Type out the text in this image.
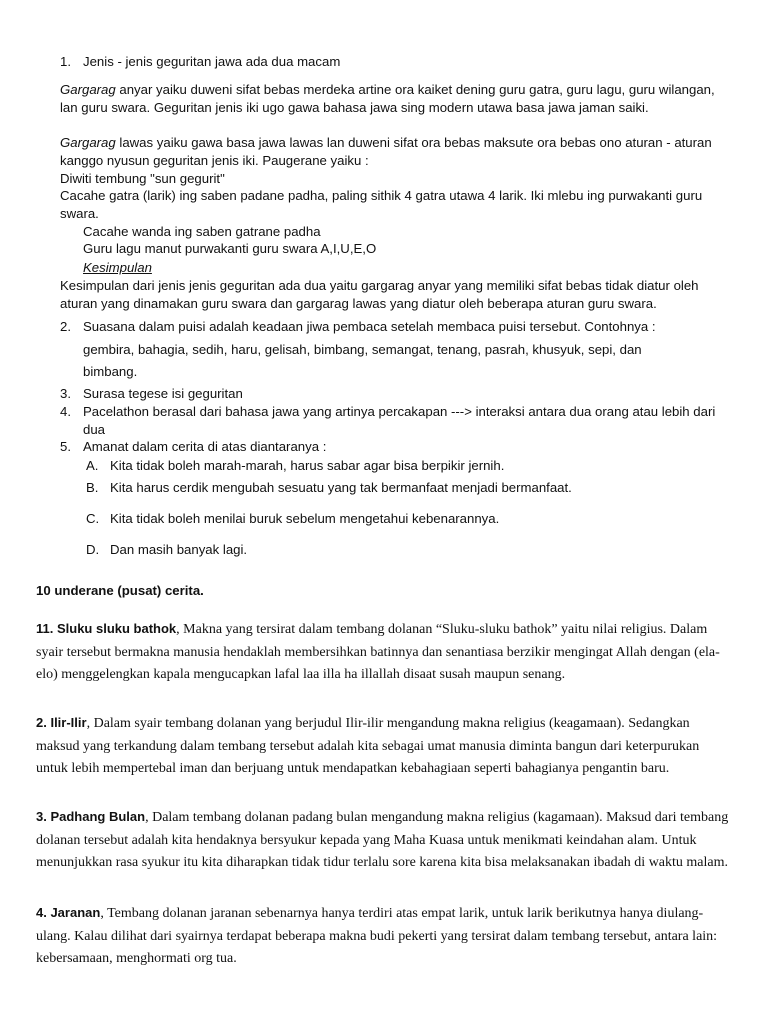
1. Jenis - jenis geguritan jawa ada dua macam
Gargarag anyar yaiku duweni sifat bebas merdeka artine ora kaiket dening guru gatra, guru lagu, guru wilangan, lan guru swara. Geguritan jenis iki ugo gawa bahasa jawa sing modern utawa basa jawa jaman saiki.
Gargarag lawas yaiku gawa basa jawa lawas lan duweni sifat ora bebas maksute ora bebas ono aturan - aturan kanggo nyusun geguritan jenis iki. Paugerane yaiku :
Diwiti tembung "sun gegurit"
Cacahe gatra (larik) ing saben padane padha, paling sithik 4 gatra utawa 4 larik. Iki mlebu ing purwakanti guru swara.
Cacahe wanda ing saben gatrane padha
Guru lagu manut purwakanti guru swara A,I,U,E,O
Kesimpulan
Kesimpulan dari jenis jenis geguritan ada dua yaitu gargarag anyar yang memiliki sifat bebas tidak diatur oleh aturan yang dinamakan guru swara dan gargarag lawas yang diatur oleh beberapa aturan guru swara.
2. Suasana dalam puisi adalah keadaan jiwa pembaca setelah membaca puisi tersebut. Contohnya :
gembira, bahagia, sedih, haru, gelisah, bimbang, semangat, tenang, pasrah, khusyuk, sepi, dan bimbang.
3. Surasa tegese isi geguritan
4. Pacelathon berasal dari bahasa jawa yang artinya percakapan ---> interaksi antara dua orang atau lebih dari dua
5. Amanat dalam cerita di atas diantaranya :
A. Kita tidak boleh marah-marah, harus sabar agar bisa berpikir jernih.
B. Kita harus cerdik mengubah sesuatu yang tak bermanfaat menjadi bermanfaat.
C. Kita tidak boleh menilai buruk sebelum mengetahui kebenarannya.
D. Dan masih banyak lagi.
10 underane (pusat) cerita.
11. Sluku sluku bathok, Makna yang tersirat dalam tembang dolanan “Sluku-sluku bathok” yaitu nilai religius. Dalam syair tersebut bermakna manusia hendaklah membersihkan batinnya dan senantiasa berzikir mengingat Allah dengan (ela-elo) menggelengkan kapala mengucapkan lafal laa illa ha illallah disaat susah maupun senang.
2. Ilir-Ilir, Dalam syair tembang dolanan yang berjudul Ilir-ilir mengandung makna religius (keagamaan). Sedangkan maksud yang terkandung dalam tembang tersebut adalah kita sebagai umat manusia diminta bangun dari keterpurukan untuk lebih mempertebal iman dan berjuang untuk mendapatkan kebahagiaan seperti bahagianya pengantin baru.
3. Padhang Bulan, Dalam tembang dolanan padang bulan mengandung makna religius (kagamaan). Maksud dari tembang dolanan tersebut adalah kita hendaknya bersyukur kepada yang Maha Kuasa untuk menikmati keindahan alam. Untuk menunjukkan rasa syukur itu kita diharapkan tidak tidur terlalu sore karena kita bisa melaksanakan ibadah di waktu malam.
4. Jaranan, Tembang dolanan jaranan sebenarnya hanya terdiri atas empat larik, untuk larik berikutnya hanya diulang-ulang. Kalau dilihat dari syairnya terdapat beberapa makna budi pekerti yang tersirat dalam tembang tersebut, antara lain: kebersamaan, menghormati org tua.
